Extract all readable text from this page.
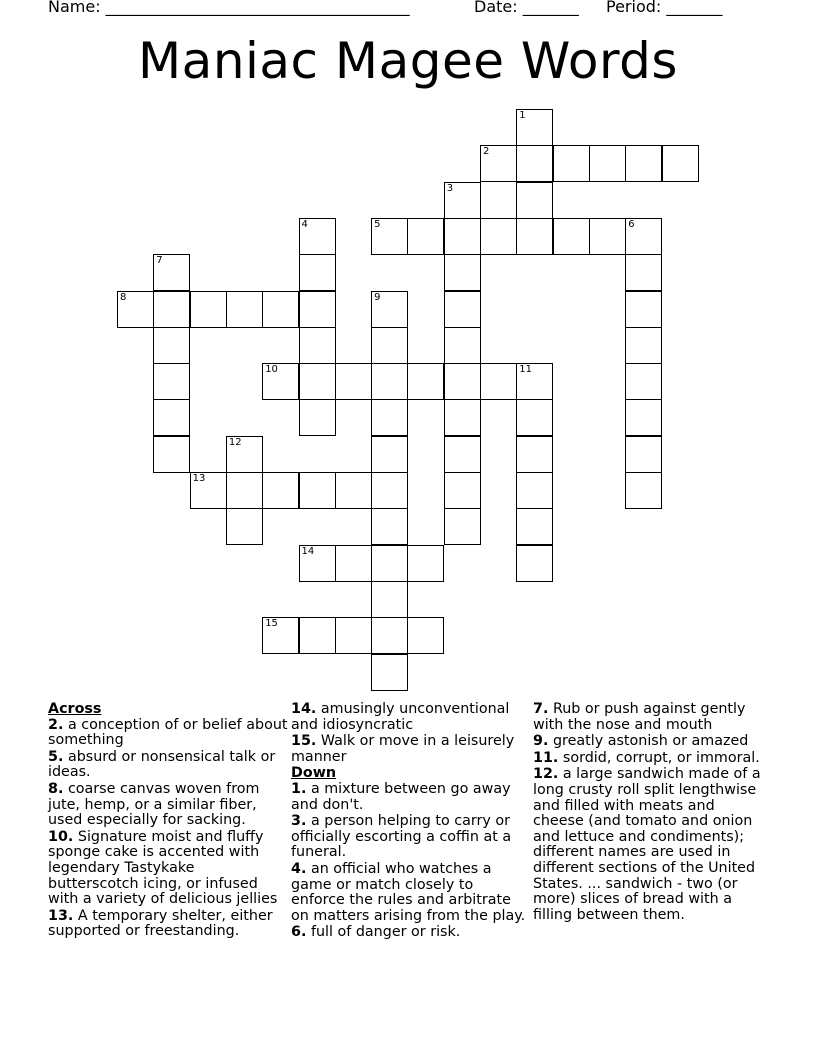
Name: ______________________________________	Date: _______ Period: _______
Maniac Magee Words
1
2
3
4	5	6
7
8	9
10	11
12
13
14
15
Across
2. a conception of or belief about something
5. absurd or nonsensical talk or ideas.
8. coarse canvas woven from jute, hemp, or a similar fiber, used especially for sacking.
10. Signature moist and fluffy sponge cake is accented with legendary Tastykake butterscotch icing, or infused with a variety of delicious jellies
13. A temporary shelter, either supported or freestanding.
14. amusingly unconventional and idiosyncratic
15. Walk or move in a leisurely manner
Down
1. a mixture between go away and don't.
3. a person helping to carry or officially escorting a coffin at a funeral.
4. an official who watches a game or match closely to enforce the rules and arbitrate on matters arising from the play.
6. full of danger or risk.
7. Rub or push against gently with the nose and mouth
9. greatly astonish or amazed
11. sordid, corrupt, or immoral.
12. a large sandwich made of a long crusty roll split lengthwise and filled with meats and cheese (and tomato and onion and lettuce and condiments); different names are used in different sections of the United States. ... sandwich - two (or more) slices of bread with a filling between them.
